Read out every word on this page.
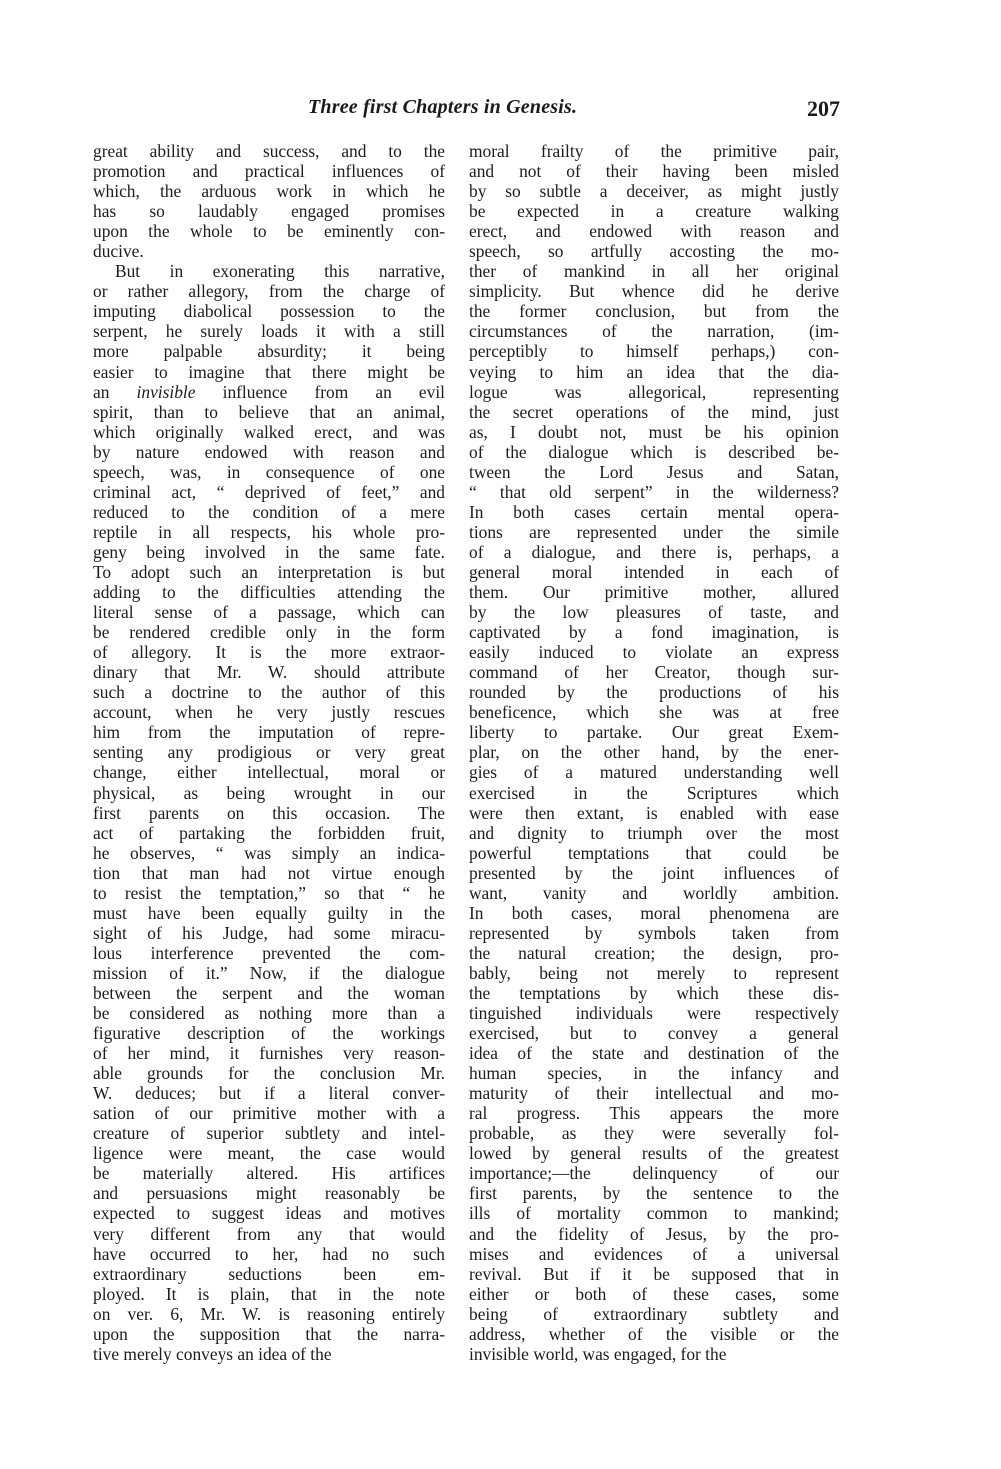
Three first Chapters in Genesis.	207
great ability and success, and to the
promotion and practical influences of
which, the arduous work in which he
has so laudably engaged promises
upon the whole to be eminently con-
ducive.
But in exonerating this narrative,
or rather allegory, from the charge of
imputing diabolical possession to the
serpent, he surely loads it with a still
more palpable absurdity; it being
easier to imagine that there might be
an invisible influence from an evil
spirit, than to believe that an animal,
which originally walked erect, and was
by nature endowed with reason and
speech, was, in consequence of one
criminal act, “ deprived of feet,” and
reduced to the condition of a mere
reptile in all respects, his whole pro-
geny being involved in the same fate.
To adopt such an interpretation is but
adding to the difficulties attending the
literal sense of a passage, which can
be rendered credible only in the form
of allegory. It is the more extraor-
dinary that Mr. W. should attribute
such a doctrine to the author of this
account, when he very justly rescues
him from the imputation of repre-
senting any prodigious or very great
change, either intellectual, moral or
physical, as being wrought in our
first parents on this occasion. The
act of partaking the forbidden fruit,
he observes, “ was simply an indica-
tion that man had not virtue enough
to resist the temptation,” so that “ he
must have been equally guilty in the
sight of his Judge, had some miracu-
lous interference prevented the com-
mission of it.” Now, if the dialogue
between the serpent and the woman
be considered as nothing more than a
figurative description of the workings
of her mind, it furnishes very reason-
able grounds for the conclusion Mr.
W. deduces; but if a literal conver-
sation of our primitive mother with a
creature of superior subtlety and intel-
ligence were meant, the case would
be materially altered. His artifices
and persuasions might reasonably be
expected to suggest ideas and motives
very different from any that would
have occurred to her, had no such
extraordinary seductions been em-
ployed. It is plain, that in the note
on ver. 6, Mr. W. is reasoning entirely
upon the supposition that the narra-
tive merely conveys an idea of the
moral frailty of the primitive pair,
and not of their having been misled
by so subtle a deceiver, as might justly
be expected in a creature walking
erect, and endowed with reason and
speech, so artfully accosting the mo-
ther of mankind in all her original
simplicity. But whence did he derive
the former conclusion, but from the
circumstances of the narration, (im-
perceptibly to himself perhaps,) con-
veying to him an idea that the dia-
logue was allegorical, representing
the secret operations of the mind, just
as, I doubt not, must be his opinion
of the dialogue which is described be-
tween the Lord Jesus and Satan,
“ that old serpent” in the wilderness?
In both cases certain mental opera-
tions are represented under the simile
of a dialogue, and there is, perhaps, a
general moral intended in each of
them. Our primitive mother, allured
by the low pleasures of taste, and
captivated by a fond imagination, is
easily induced to violate an express
command of her Creator, though sur-
rounded by the productions of his
beneficence, which she was at free
liberty to partake. Our great Exem-
plar, on the other hand, by the ener-
gies of a matured understanding well
exercised in the Scriptures which
were then extant, is enabled with ease
and dignity to triumph over the most
powerful temptations that could be
presented by the joint influences of
want, vanity and worldly ambition.
In both cases, moral phenomena are
represented by symbols taken from
the natural creation; the design, pro-
bably, being not merely to represent
the temptations by which these dis-
tinguished individuals were respectively
exercised, but to convey a general
idea of the state and destination of the
human species, in the infancy and
maturity of their intellectual and mo-
ral progress. This appears the more
probable, as they were severally fol-
lowed by general results of the greatest
importance;—the delinquency of our
first parents, by the sentence to the
ills of mortality common to mankind;
and the fidelity of Jesus, by the pro-
mises and evidences of a universal
revival. But if it be supposed that in
either or both of these cases, some
being of extraordinary subtlety and
address, whether of the visible or the
invisible world, was engaged, for the
